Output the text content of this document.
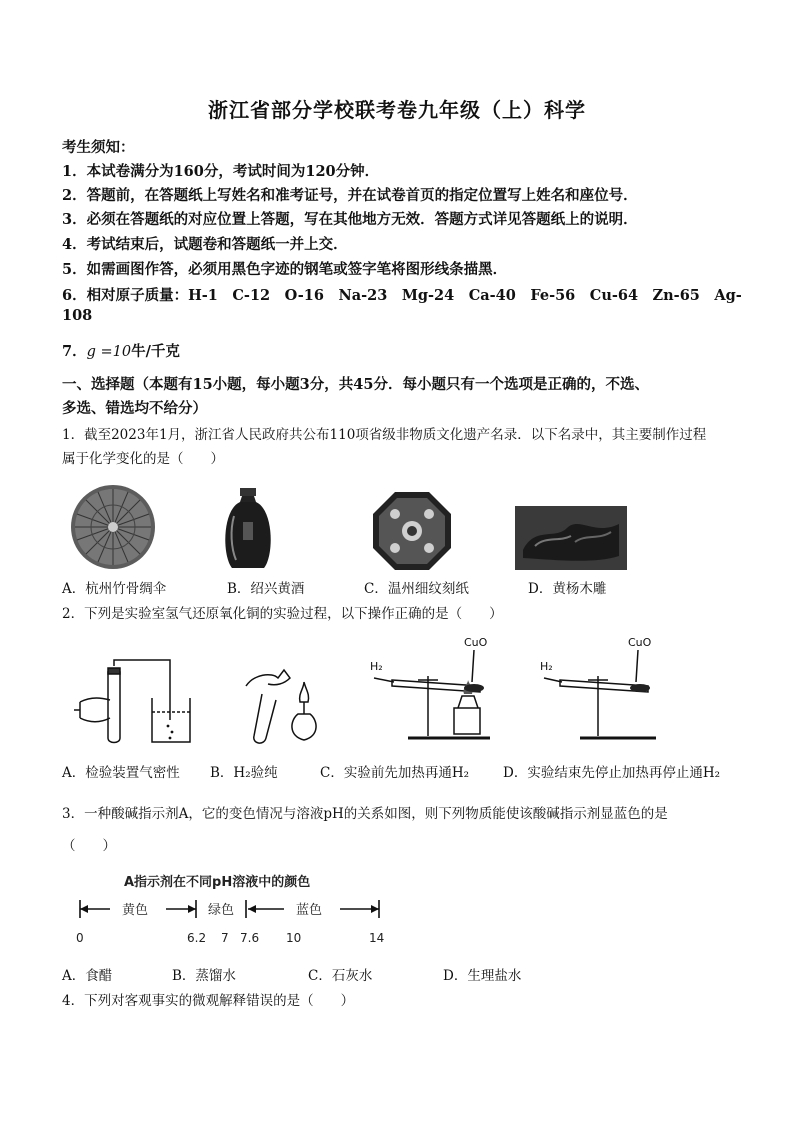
浙江省部分学校联考卷九年级（上）科学
考生须知：
1．本试卷满分为160分，考试时间为120分钟．
2．答题前，在答题纸上写姓名和准考证号，并在试卷首页的指定位置写上姓名和座位号．
3．必须在答题纸的对应位置上答题，写在其他地方无效．答题方式详见答题纸上的说明．
4．考试结束后，试题卷和答题纸一并上交．
5．如需画图作答，必须用黑色字迹的钢笔或签字笔将图形线条描黑．
6．相对原子质量：H-1　C-12　O-16　Na-23　Mg-24　Ca-40　Fe-56　Cu-64　Zn-65　Ag-
108
7．g =10牛/千克
一、选择题（本题有15小题，每小题3分，共45分．每小题只有一个选项是正确的，不选、
多选、错选均不给分）
1．截至2023年1月，浙江省人民政府共公布110项省级非物质文化遗产名录．以下名录中，其主要制作过程
属于化学变化的是（　　）
A．杭州竹骨绸伞	B．绍兴黄酒	C．温州细纹刻纸	D．黄杨木雕
2．下列是实验室氢气还原氧化铜的实验过程，以下操作正确的是（　　）
H₂
CuO
H₂
CuO
A．检验装置气密性 B．H₂验纯	C．实验前先加热再通H₂	D．实验结束先停止加热再停止通H₂
3．一种酸碱指示剂A，它的变色情况与溶液pH的关系如图，则下列物质能使该酸碱指示剂显蓝色的是
（　　）
A指示剂在不同pH溶液中的颜色
黄色	绿色	蓝色
0	6.2 7 7.6 10	14
A．食醋	B．蒸馏水	C．石灰水	D．生理盐水
4．下列对客观事实的微观解释错误的是（　　）
